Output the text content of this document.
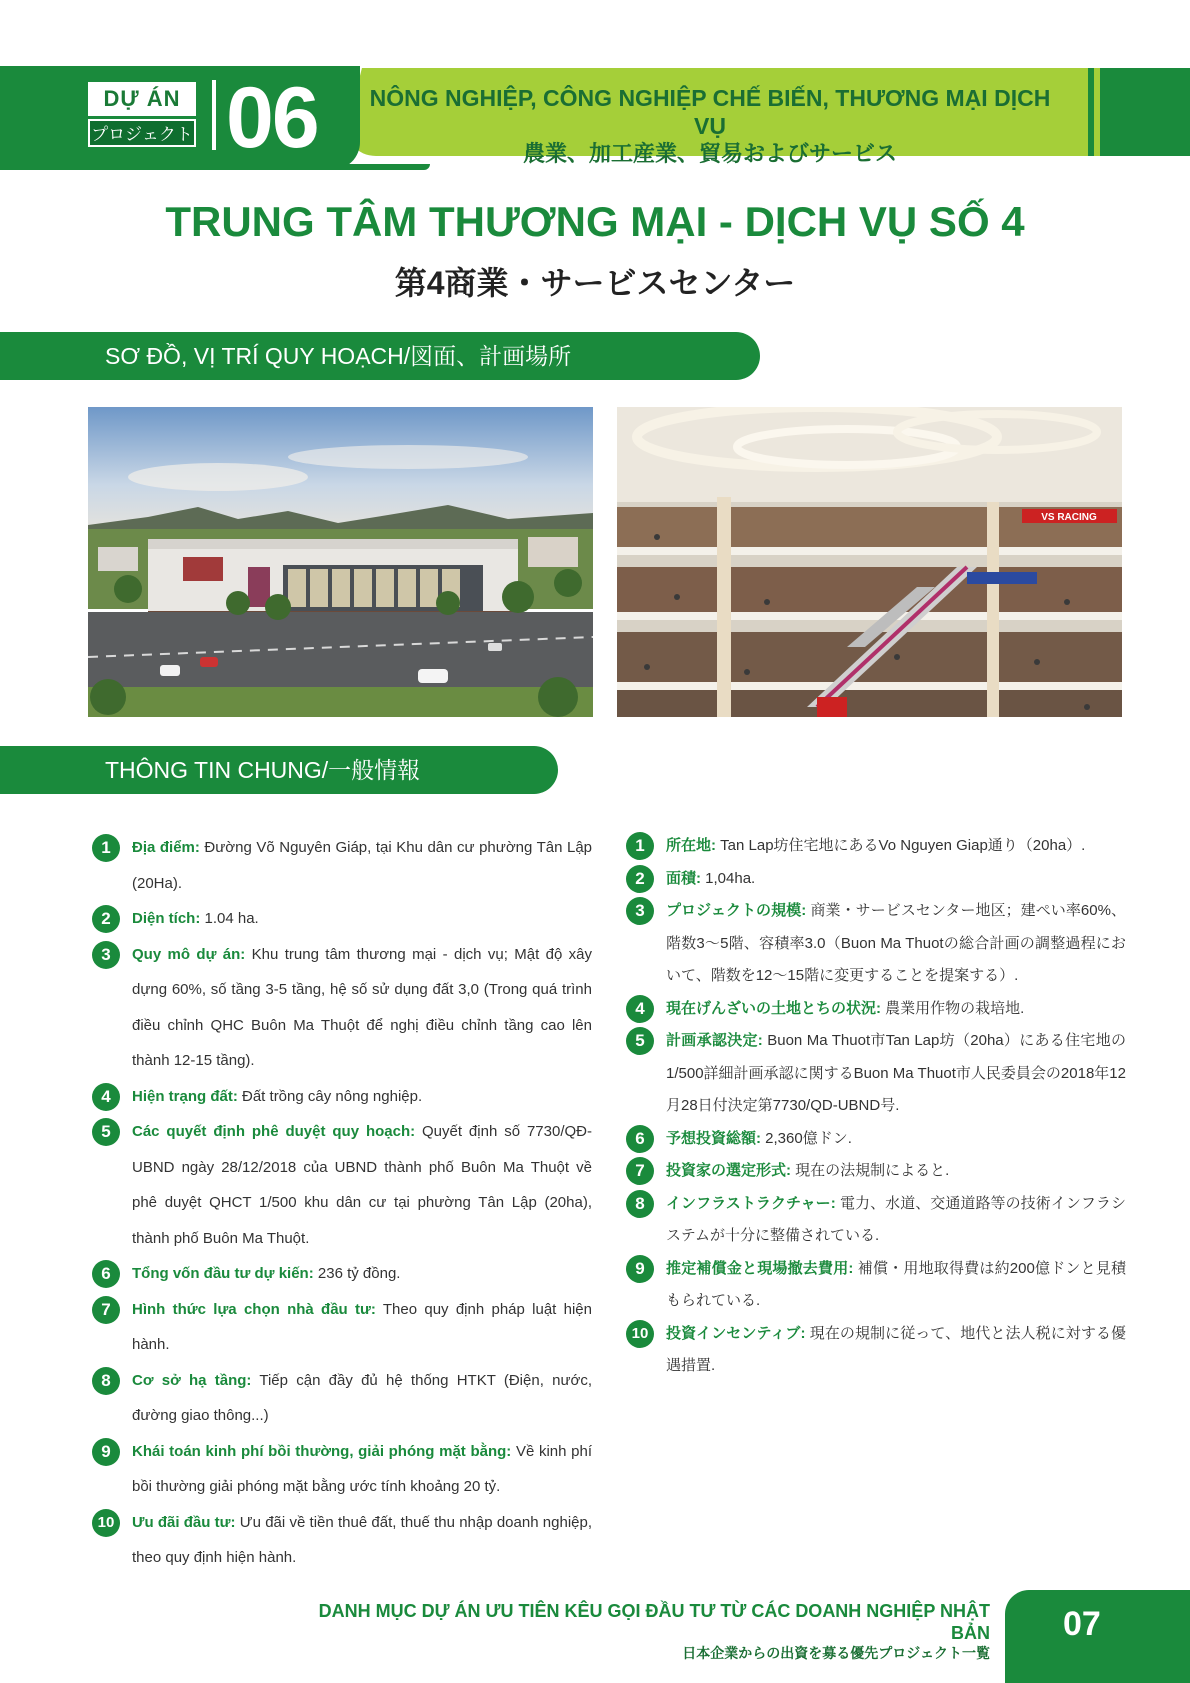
DỰ ÁN
プロジェクト 06	NÔNG NGHIỆP, CÔNG NGHIỆP CHẾ BIẾN, THƯƠNG MẠI DỊCH VỤ
農業、加工産業、貿易およびサービス
TRUNG TÂM THƯƠNG MẠI - DỊCH VỤ SỐ 4
第4商業・サービスセンター
SƠ ĐỒ, VỊ TRÍ QUY HOẠCH/図面、計画場所
VS RACING
THÔNG TIN CHUNG/一般情報
1	Địa điểm: Đường Võ Nguyên Giáp, tại Khu dân cư phường Tân Lập (20Ha).
2	Diện tích: 1.04 ha.
3	Quy mô dự án: Khu trung tâm thương mại - dịch vụ; Mật độ xây dựng 60%, số tầng 3-5 tầng, hệ số sử dụng đất 3,0 (Trong quá trình điều chỉnh QHC Buôn Ma Thuột để nghị điều chỉnh tầng cao lên thành 12-15 tầng).
4	Hiện trạng đất: Đất trồng cây nông nghiệp.
5	Các quyết định phê duyệt quy hoạch: Quyết định số 7730/QĐ-UBND ngày 28/12/2018 của UBND thành phố Buôn Ma Thuột về phê duyệt QHCT 1/500 khu dân cư tại phường Tân Lập (20ha), thành phố Buôn Ma Thuột.
6	Tổng vốn đầu tư dự kiến: 236 tỷ đồng.
7	Hình thức lựa chọn nhà đầu tư: Theo quy định pháp luật hiện hành.
8	Cơ sở hạ tầng: Tiếp cận đầy đủ hệ thống HTKT (Điện, nước, đường giao thông...)
9	Khái toán kinh phí bồi thường, giải phóng mặt bằng: Về kinh phí bồi thường giải phóng mặt bằng ước tính khoảng 20 tỷ.
10	Ưu đãi đầu tư: Ưu đãi về tiền thuê đất, thuế thu nhập doanh nghiệp, theo quy định hiện hành.
1	所在地: Tan Lap坊住宅地にあるVo Nguyen Giap通り（20ha）.
2	面積: 1,04ha.
3	プロジェクトの規模: 商業・サービスセンター地区；建ぺい率60%、階数3～5階、容積率3.0（Buon Ma Thuotの総合計画の調整過程において、階数を12～15階に変更することを提案する）.
4	現在げんざいの土地とちの状況: 農業用作物の栽培地.
5	計画承認決定: Buon Ma Thuot市Tan Lap坊（20ha）にある住宅地の1/500詳細計画承認に関するBuon Ma Thuot市人民委員会の2018年12月28日付決定第7730/QD-UBND号.
6	予想投資総額: 2,360億ドン.
7	投資家の選定形式: 現在の法規制によると.
8	インフラストラクチャー: 電力、水道、交通道路等の技術インフラシステムが十分に整備されている.
9	推定補償金と現場撤去費用: 補償・用地取得費は約200億ドンと見積もられている.
10	投資インセンティブ: 現在の規制に従って、地代と法人税に対する優遇措置.
DANH MỤC DỰ ÁN ƯU TIÊN KÊU GỌI ĐẦU TƯ TỪ CÁC DOANH NGHIỆP NHẬT BẢN
日本企業からの出資を募る優先プロジェクト一覧
07
